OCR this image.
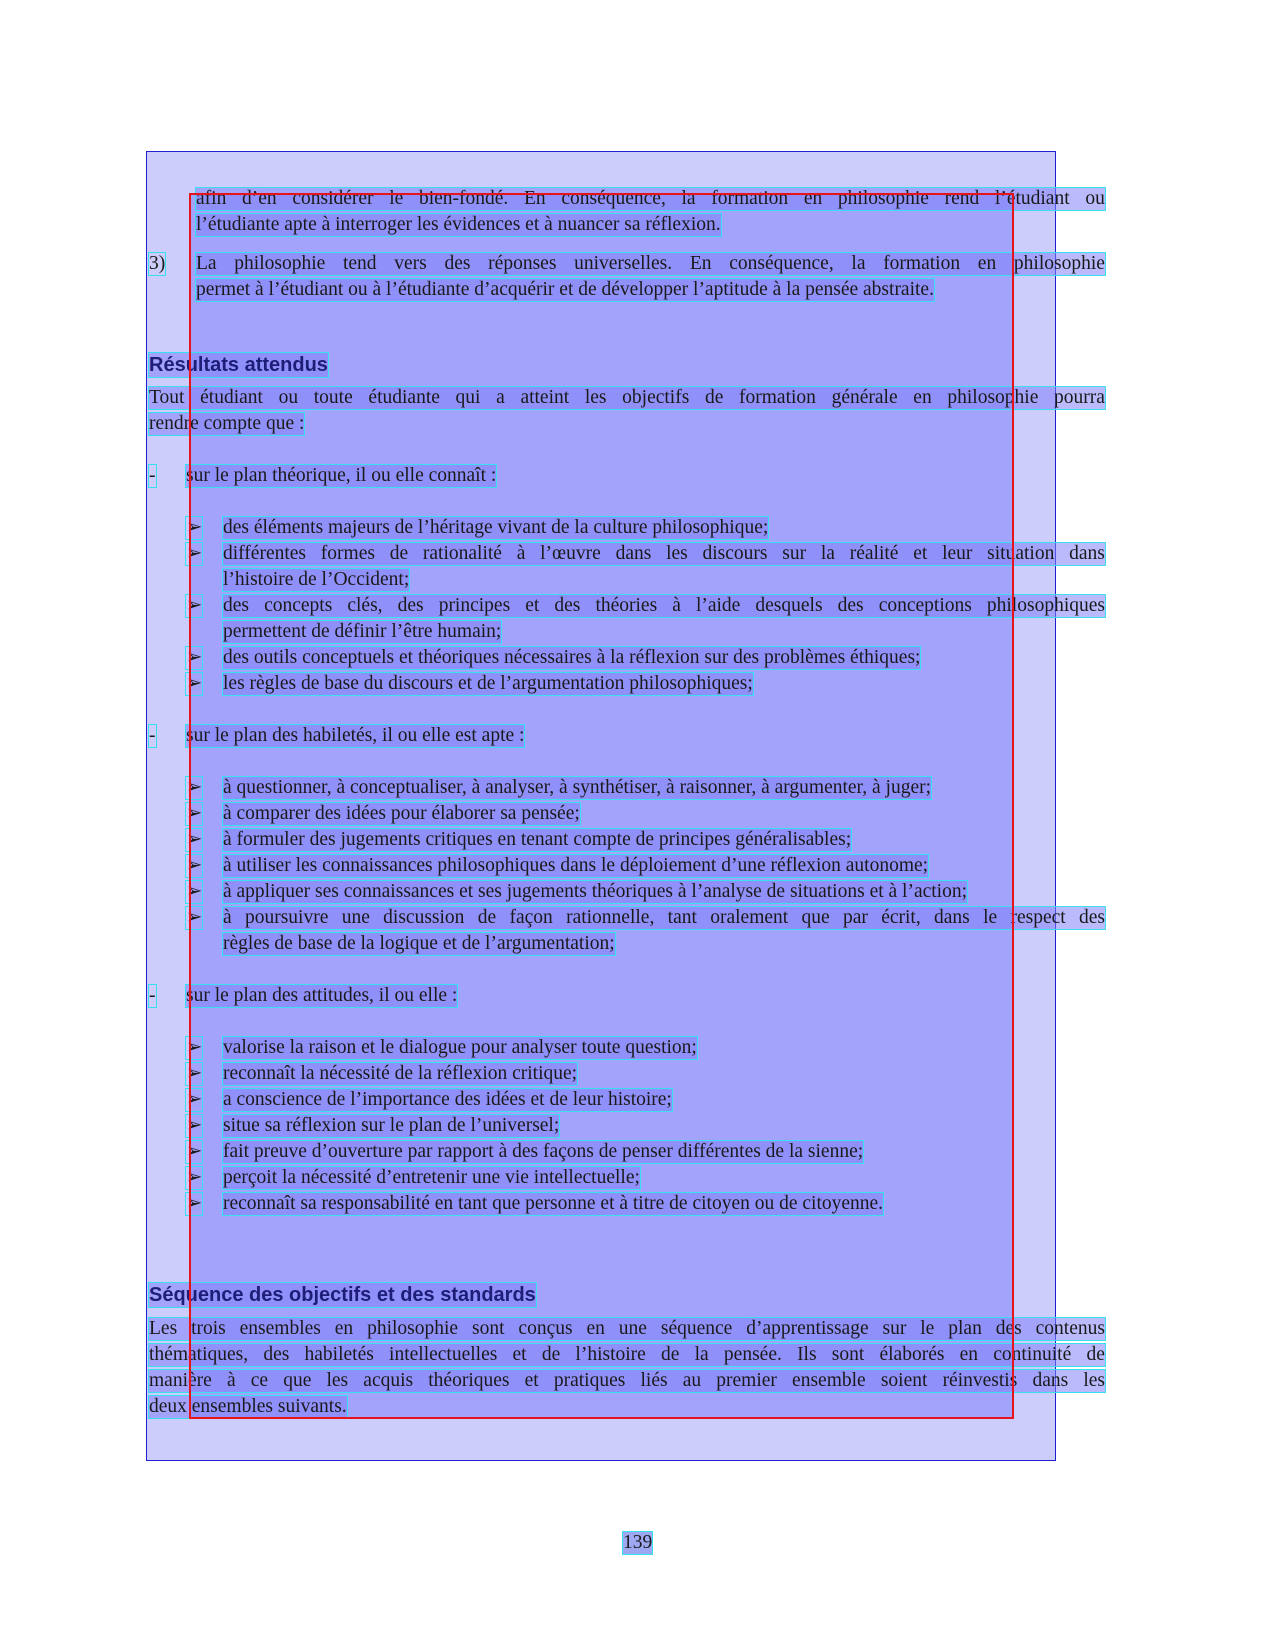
afin d’en considérer le bien-fondé. En conséquence, la formation en philosophie rend l’étudiant ou
l’étudiante apte à interroger les évidences et à nuancer sa réflexion.
3) La philosophie tend vers des réponses universelles. En conséquence, la formation en philosophie
permet à l’étudiant ou à l’étudiante d’acquérir et de développer l’aptitude à la pensée abstraite.
Résultats attendus
Tout étudiant ou toute étudiante qui a atteint les objectifs de formation générale en philosophie pourra
rendre compte que :
- sur le plan théorique, il ou elle connaît :
➢ des éléments majeurs de l’héritage vivant de la culture philosophique;
➢ différentes formes de rationalité à l’œuvre dans les discours sur la réalité et leur situation dans
l’histoire de l’Occident;
➢ des concepts clés, des principes et des théories à l’aide desquels des conceptions philosophiques
permettent de définir l’être humain;
➢ des outils conceptuels et théoriques nécessaires à la réflexion sur des problèmes éthiques;
➢ les règles de base du discours et de l’argumentation philosophiques;
- sur le plan des habiletés, il ou elle est apte :
➢ à questionner, à conceptualiser, à analyser, à synthétiser, à raisonner, à argumenter, à juger;
➢ à comparer des idées pour élaborer sa pensée;
➢ à formuler des jugements critiques en tenant compte de principes généralisables;
➢ à utiliser les connaissances philosophiques dans le déploiement d’une réflexion autonome;
➢ à appliquer ses connaissances et ses jugements théoriques à l’analyse de situations et à l’action;
➢ à poursuivre une discussion de façon rationnelle, tant oralement que par écrit, dans le respect des
règles de base de la logique et de l’argumentation;
- sur le plan des attitudes, il ou elle :
➢ valorise la raison et le dialogue pour analyser toute question;
➢ reconnaît la nécessité de la réflexion critique;
➢ a conscience de l’importance des idées et de leur histoire;
➢ situe sa réflexion sur le plan de l’universel;
➢ fait preuve d’ouverture par rapport à des façons de penser différentes de la sienne;
➢ perçoit la nécessité d’entretenir une vie intellectuelle;
➢ reconnaît sa responsabilité en tant que personne et à titre de citoyen ou de citoyenne.
Séquence des objectifs et des standards
Les trois ensembles en philosophie sont conçus en une séquence d’apprentissage sur le plan des contenus
thématiques, des habiletés intellectuelles et de l’histoire de la pensée. Ils sont élaborés en continuité de
manière à ce que les acquis théoriques et pratiques liés au premier ensemble soient réinvestis dans les
deux ensembles suivants.
139
